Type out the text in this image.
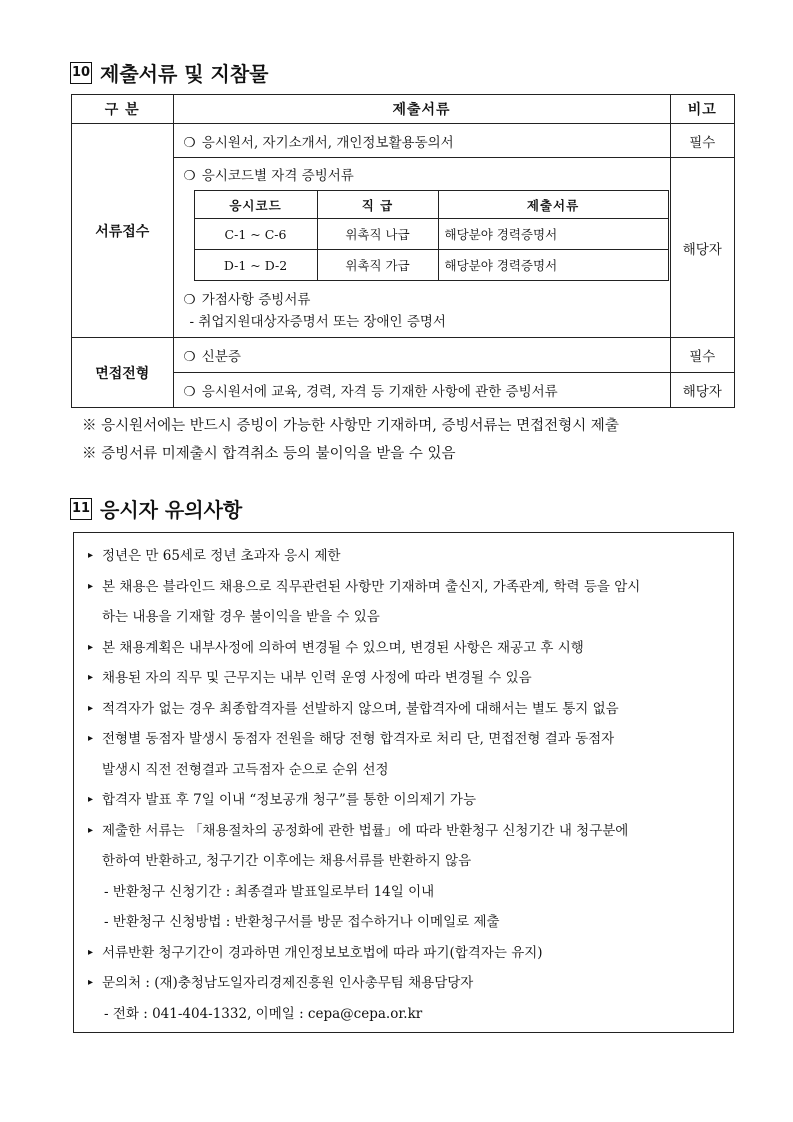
10 제출서류 및 지참물
구 분	제출서류	비고
서류접수	❍ 응시원서, 자기소개서, 개인정보활용동의서	필수

❍ 응시코드별 자격 증빙서류
응시코드	직 급	제출서류
C-1 ~ C-6	위촉직 나급	해당분야 경력증명서
D-1 ~ D-2	위촉직 가급	해당분야 경력증명서
❍ 가점사항 증빙서류
- 취업지원대상자증명서 또는 장애인 증명서
	해당자
면접전형	❍ 신분증	필수
❍ 응시원서에 교육, 경력, 자격 등 기재한 사항에 관한 증빙서류	해당자
※ 응시원서에는 반드시 증빙이 가능한 사항만 기재하며, 증빙서류는 면접전형시 제출
※ 증빙서류 미제출시 합격취소 등의 불이익을 받을 수 있음
11 응시자 유의사항
▸ 정년은 만 65세로 정년 초과자 응시 제한
▸ 본 채용은 블라인드 채용으로 직무관련된 사항만 기재하며 출신지, 가족관계, 학력 등을 암시
하는 내용을 기재할 경우 불이익을 받을 수 있음
▸ 본 채용계획은 내부사정에 의하여 변경될 수 있으며, 변경된 사항은 재공고 후 시행
▸ 채용된 자의 직무 및 근무지는 내부 인력 운영 사정에 따라 변경될 수 있음
▸ 적격자가 없는 경우 최종합격자를 선발하지 않으며, 불합격자에 대해서는 별도 통지 없음
▸ 전형별 동점자 발생시 동점자 전원을 해당 전형 합격자로 처리 단, 면접전형 결과 동점자
발생시 직전 전형결과 고득점자 순으로 순위 선정
▸ 합격자 발표 후 7일 이내 “정보공개 청구”를 통한 이의제기 가능
▸ 제출한 서류는 「채용절차의 공정화에 관한 법률」에 따라 반환청구 신청기간 내 청구분에
한하여 반환하고, 청구기간 이후에는 채용서류를 반환하지 않음
- 반환청구 신청기간 : 최종결과 발표일로부터 14일 이내
- 반환청구 신청방법 : 반환청구서를 방문 접수하거나 이메일로 제출
▸ 서류반환 청구기간이 경과하면 개인정보보호법에 따라 파기(합격자는 유지)
▸ 문의처 : (재)충청남도일자리경제진흥원 인사총무팀 채용담당자
- 전화 : 041-404-1332, 이메일 : cepa@cepa.or.kr
